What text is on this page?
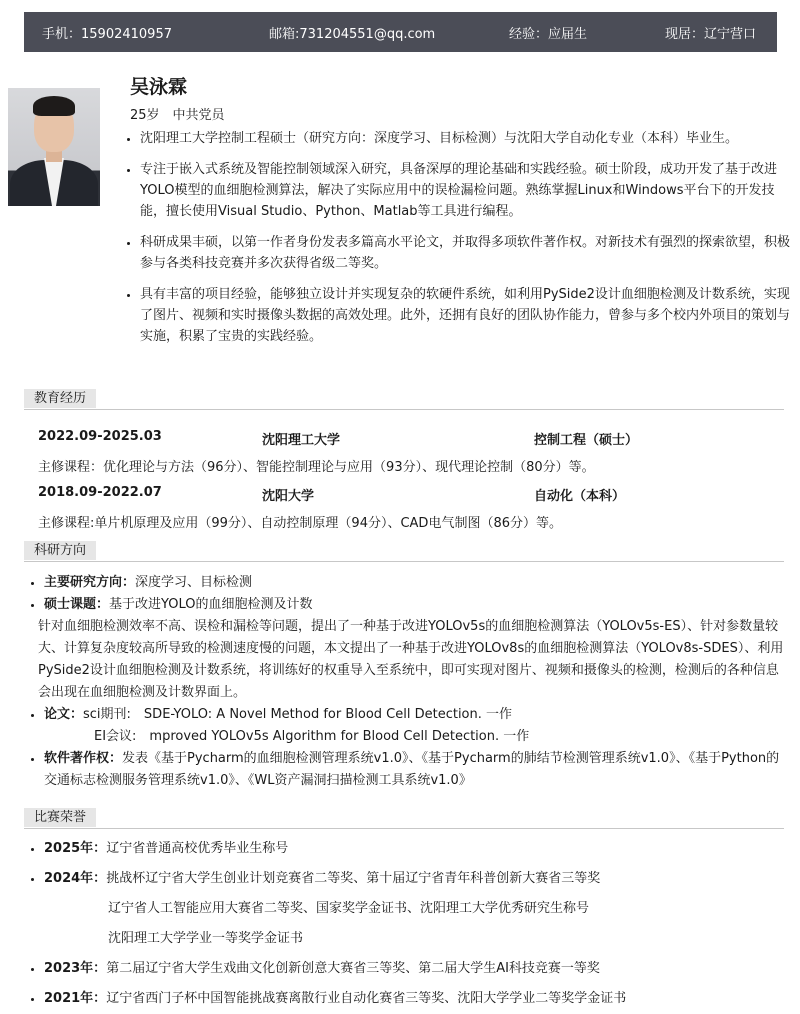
手机：15902410957	邮箱:731204551@qq.com	经验：应届生	现居：辽宁营口
吴泳霖
25岁　中共党员
• 沈阳理工大学控制工程硕士（研究方向：深度学习、目标检测）与沈阳大学自动化专业（本科）毕业生。
• 专注于嵌入式系统及智能控制领域深入研究，具备深厚的理论基础和实践经验。硕士阶段，成功开发了基于改进YOLO模型的血细胞检测算法，解决了实际应用中的误检漏检问题。熟练掌握Linux和Windows平台下的开发技能，擅长使用Visual Studio、Python、Matlab等工具进行编程。
• 科研成果丰硕，以第一作者身份发表多篇高水平论文，并取得多项软件著作权。对新技术有强烈的探索欲望，积极参与各类科技竞赛并多次获得省级二等奖。
• 具有丰富的项目经验，能够独立设计并实现复杂的软硬件系统，如利用PySide2设计血细胞检测及计数系统，实现了图片、视频和实时摄像头数据的高效处理。此外，还拥有良好的团队协作能力，曾参与多个校内外项目的策划与实施，积累了宝贵的实践经验。
教育经历
2022.09-2025.03	沈阳理工大学	控制工程（硕士）
主修课程：优化理论与方法（96分）、智能控制理论与应用（93分）、现代理论控制（80分）等。
2018.09-2022.07	沈阳大学	自动化（本科）
主修课程:单片机原理及应用（99分）、自动控制原理（94分）、CAD电气制图（86分）等。
科研方向
• 主要研究方向：深度学习、目标检测
• 硕士课题：基于改进YOLO的血细胞检测及计数
针对血细胞检测效率不高、误检和漏检等问题，提出了一种基于改进YOLOv5s的血细胞检测算法（YOLOv5s-ES）、针对参数量较大、计算复杂度较高所导致的检测速度慢的问题，本文提出了一种基于改进YOLOv8s的血细胞检测算法（YOLOv8s-SDES）、利用PySide2设计血细胞检测及计数系统，将训练好的权重导入至系统中，即可实现对图片、视频和摄像头的检测，检测后的各种信息会出现在血细胞检测及计数界面上。
• 论文：sci期刊:　SDE-YOLO: A Novel Method for Blood Cell Detection. 一作
EI会议:　mproved YOLOv5s Algorithm for Blood Cell Detection. 一作
• 软件著作权：发表《基于Pycharm的血细胞检测管理系统v1.0》、《基于Pycharm的肺结节检测管理系统v1.0》、《基于Python的交通标志检测服务管理系统v1.0》、《WL资产漏洞扫描检测工具系统v1.0》
比赛荣誉
• 2025年：辽宁省普通高校优秀毕业生称号
• 2024年：挑战杯辽宁省大学生创业计划竞赛省二等奖、第十届辽宁省青年科普创新大赛省三等奖
辽宁省人工智能应用大赛省二等奖、国家奖学金证书、沈阳理工大学优秀研究生称号
沈阳理工大学学业一等奖学金证书
• 2023年：第二届辽宁省大学生戏曲文化创新创意大赛省三等奖、第二届大学生AI科技竞赛一等奖
• 2021年：辽宁省西门子杯中国智能挑战赛离散行业自动化赛省三等奖、沈阳大学学业二等奖学金证书
